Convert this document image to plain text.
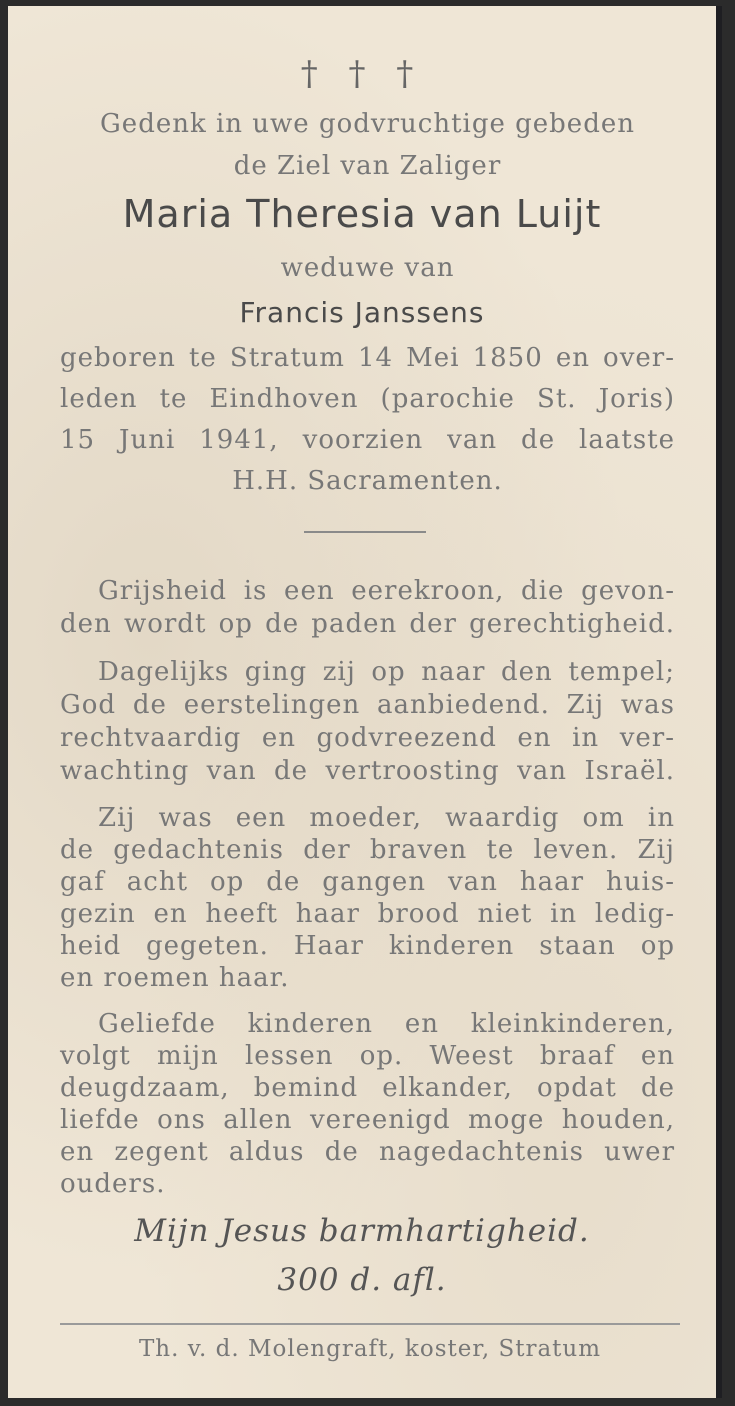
† † †
Gedenk in uwe godvruchtige gebeden
de Ziel van Zaliger
Maria Theresia van Luijt
weduwe van
Francis Janssens
geboren te Stratum 14 Mei 1850 en over-
leden te Eindhoven (parochie St. Joris)
15 Juni 1941, voorzien van de laatste
H.H. Sacramenten.
Grijsheid is een eerekroon, die gevon-
den wordt op de paden der gerechtigheid.
Dagelijks ging zij op naar den tempel;
God de eerstelingen aanbiedend. Zij was
rechtvaardig en godvreezend en in ver-
wachting van de vertroosting van Israël.
Zij was een moeder, waardig om in
de gedachtenis der braven te leven. Zij
gaf acht op de gangen van haar huis-
gezin en heeft haar brood niet in ledig-
heid gegeten. Haar kinderen staan op
en roemen haar.
Geliefde kinderen en kleinkinderen,
volgt mijn lessen op. Weest braaf en
deugdzaam, bemind elkander, opdat de
liefde ons allen vereenigd moge houden,
en zegent aldus de nagedachtenis uwer
ouders.
Mijn Jesus barmhartigheid.
300 d. afl.
Th. v. d. Molengraft, koster, Stratum
